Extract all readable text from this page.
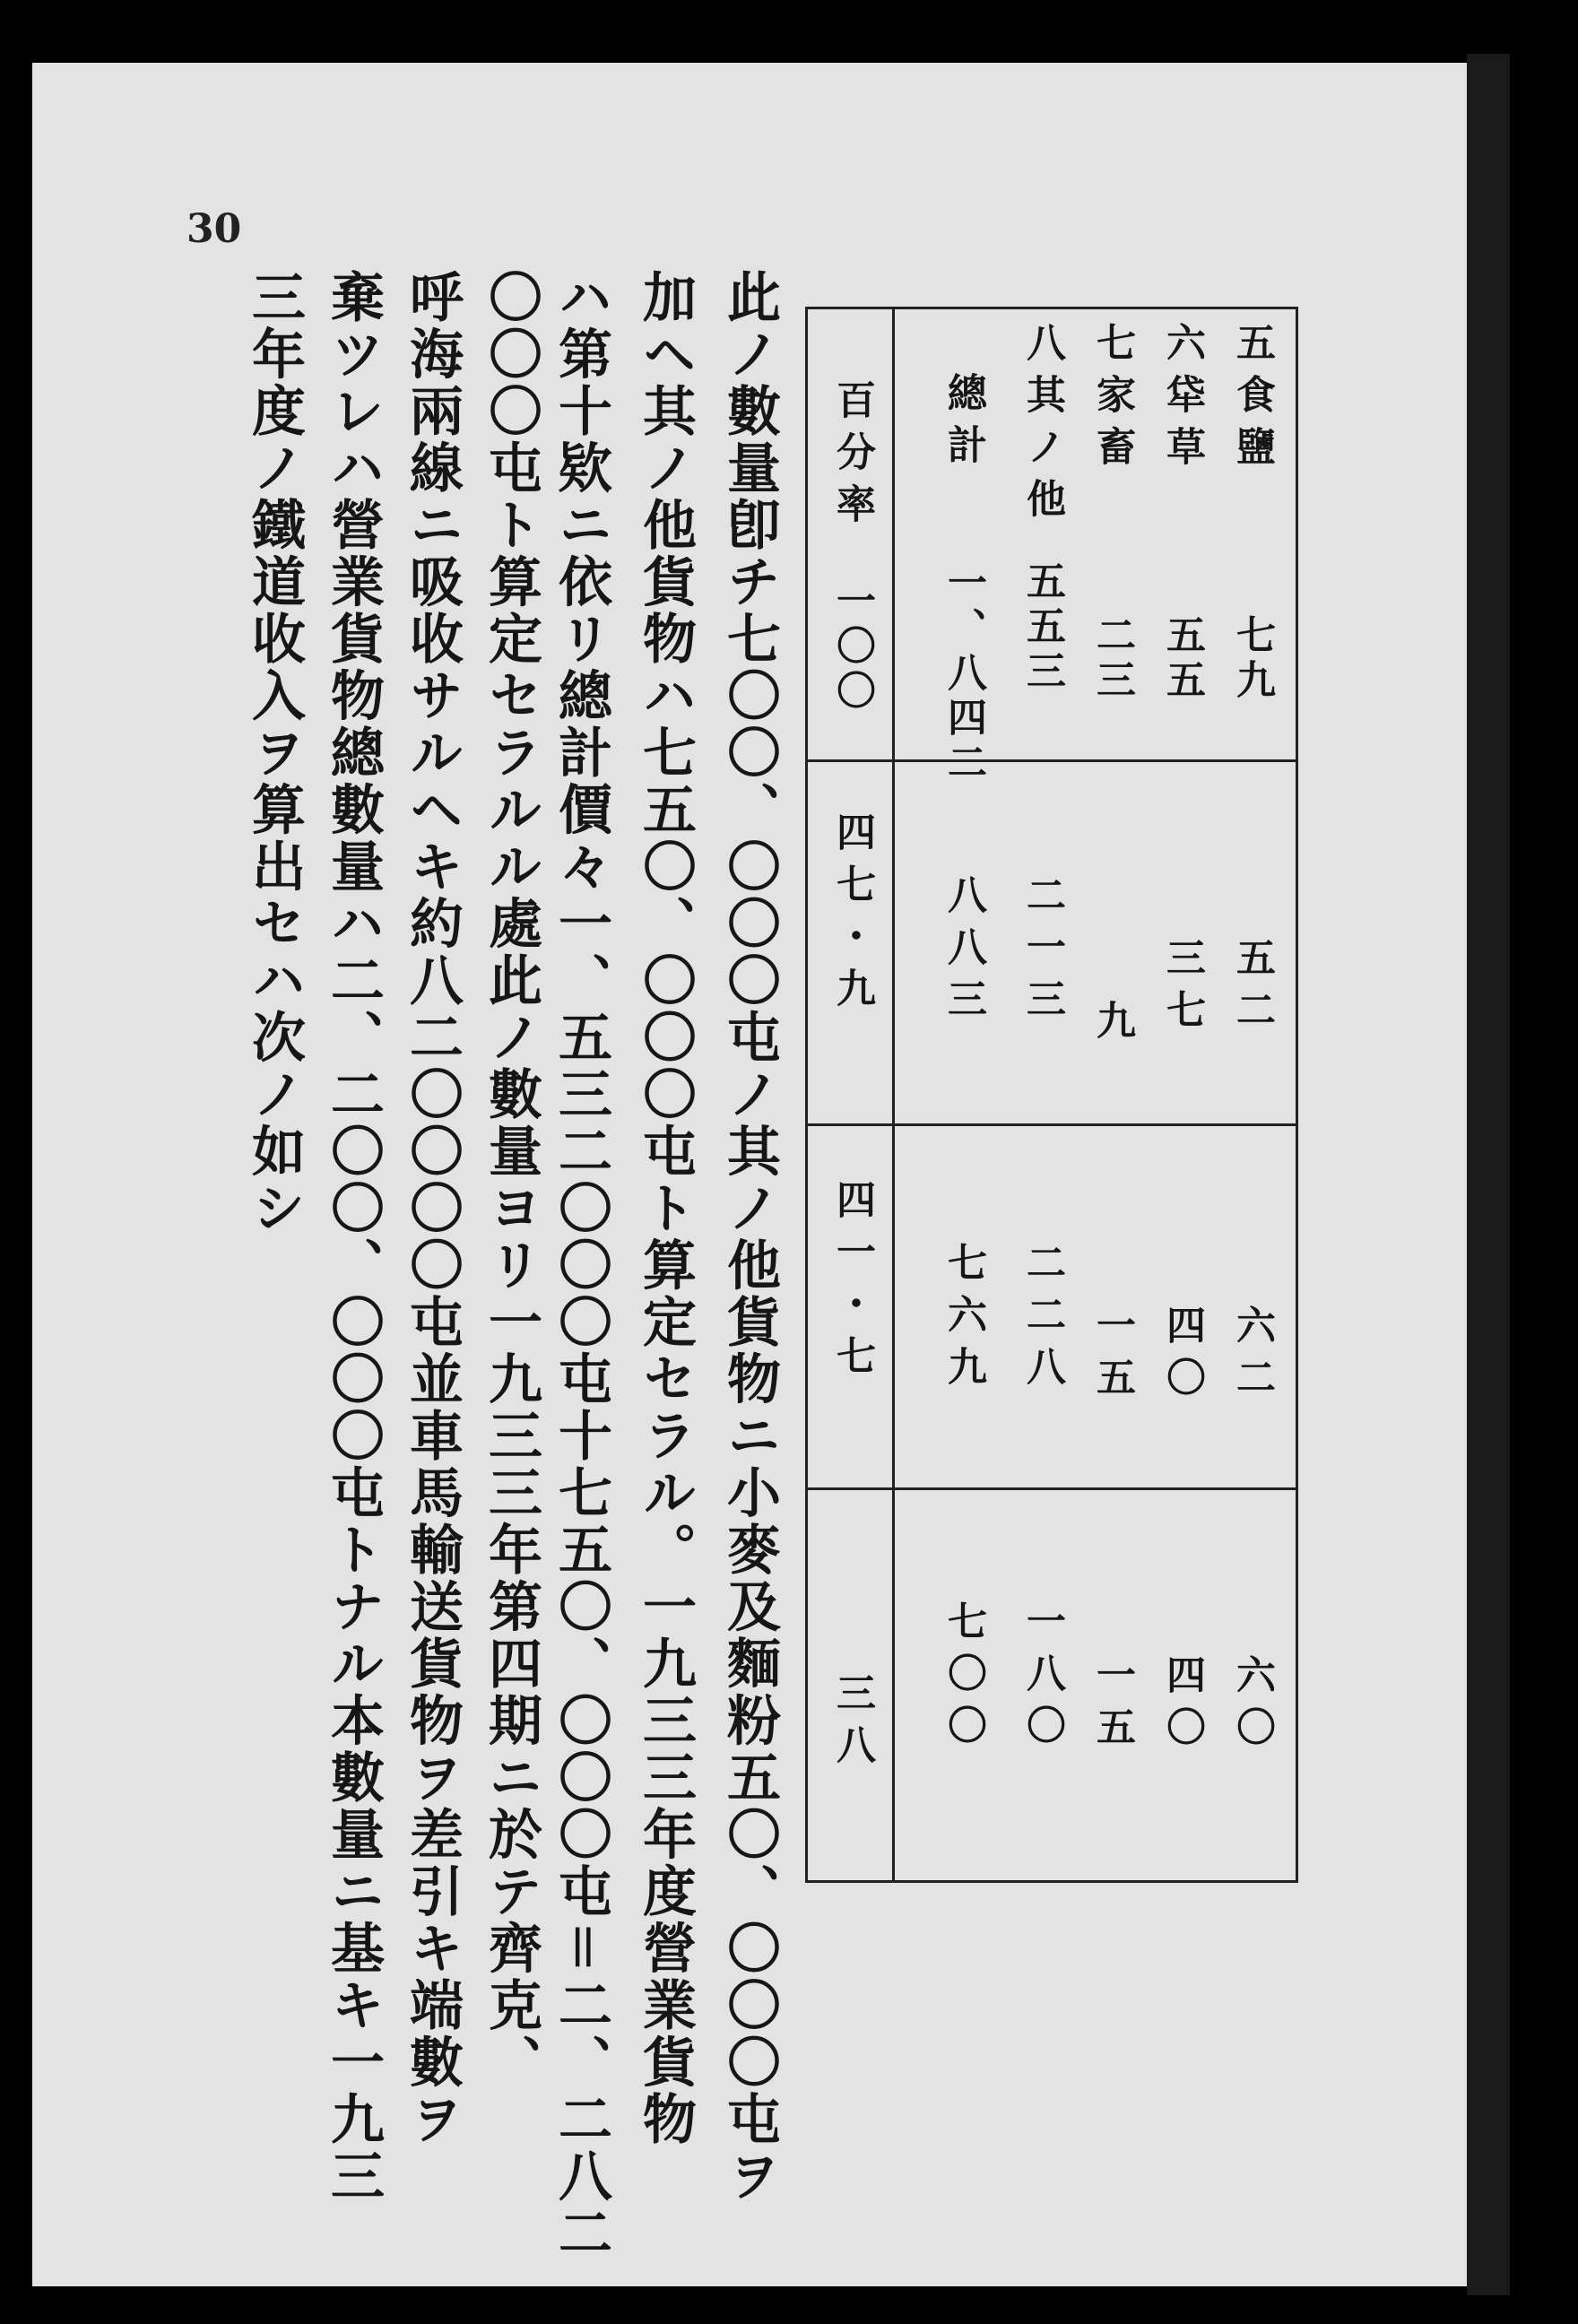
30
此ノ數量卽チ七〇〇、〇〇〇屯ノ其ノ他貨物ニ小麥及麵粉五〇、〇〇〇屯ヲ
加ヘ其ノ他貨物ハ七五〇、〇〇〇屯ト算定セラル。一九三三年度營業貨物
ハ第十欵ニ依リ總計價々一、五三二〇〇〇屯十七五〇、〇〇〇屯＝二、二八二
〇〇〇屯ト算定セラルル處此ノ數量ヨリ一九三三年第四期ニ於テ齊克、
呼海兩線ニ吸收サルヘキ約八二〇〇〇〇屯並車馬輸送貨物ヲ差引キ端數ヲ
棄ツレハ營業貨物總數量ハ二、二〇〇、〇〇〇屯トナル本數量ニ基キ一九三
三年度ノ鐵道收入ヲ算出セハ次ノ如シ	五食鹽
六牮草
七家畜
八其ノ他
總計
百分率
七九
五五
二三
五五三
一、八四二
一〇〇
五二
三七
九
二一三
八八三
四七・九
六二
四〇
一五
二二八
七六九
四一・七
六〇
四〇
一五
一八〇
七〇〇
三八
